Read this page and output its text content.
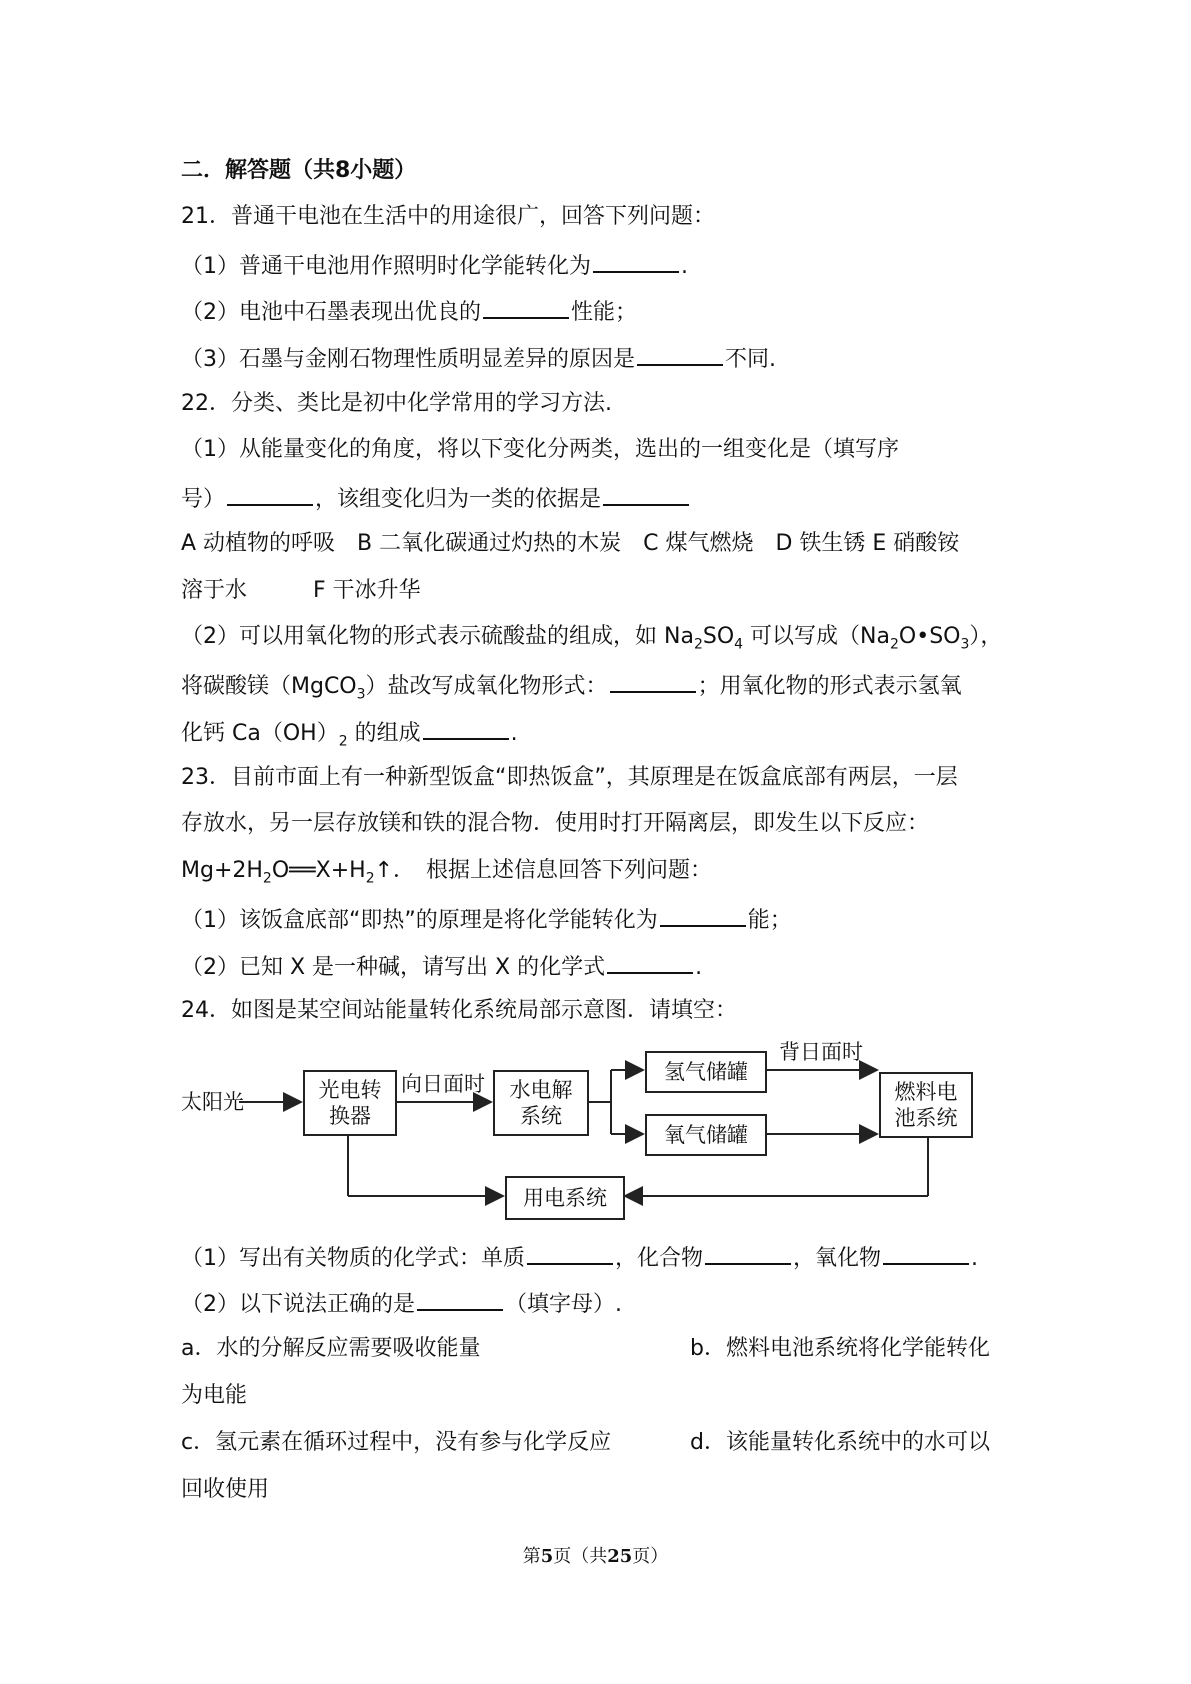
二．解答题（共8小题）
21．普通干电池在生活中的用途很广，回答下列问题：
（1）普通干电池用作照明时化学能转化为	.
（2）电池中石墨表现出优良的	性能；
（3）石墨与金刚石物理性质明显差异的原因是	不同.
22．分类、类比是初中化学常用的学习方法.
（1）从能量变化的角度，将以下变化分两类，选出的一组变化是（填写序
号）	，该组变化归为一类的依据是
A 动植物的呼吸　B 二氧化碳通过灼热的木炭　C 煤气燃烧　D 铁生锈 E 硝酸铵
溶于水	F 干冰升华
（2）可以用氧化物的形式表示硫酸盐的组成，如 $Na_2SO_4$ 可以写成$(Na_2O•SO_3)$，
将碳酸镁（MgCO$_3$）盐改写成氧化物形式：	；用氧化物的形式表示氢氧
化钙 $Ca(OH)_2$ 的组成	.
23．目前市面上有一种新型饭盒“即热饭盒”，其原理是在饭盒底部有两层，一层
存放水，另一层存放镁和铁的混合物．使用时打开隔离层，即发生以下反应：
$Mg+2H_2O══X+H_2↑$．　根据上述信息回答下列问题：
（1）该饭盒底部“即热”的原理是将化学能转化为	能；
（2）已知 X 是一种碱，请写出 X 的化学式	.
24．如图是某空间站能量转化系统局部示意图．请填空：
太阳光	光电转换器
向日面时 水电解系统
氢气储罐
氧气储罐
背日面时
燃料电池系统
用电系统
（1）写出有关物质的化学式：单质	，化合物	，氧化物	.
（2）以下说法正确的是	（填字母）.
a．水的分解反应需要吸收能量	b．燃料电池系统将化学能转化
为电能
c．氢元素在循环过程中，没有参与化学反应	d．该能量转化系统中的水可以
回收使用
第5页（共25页）
